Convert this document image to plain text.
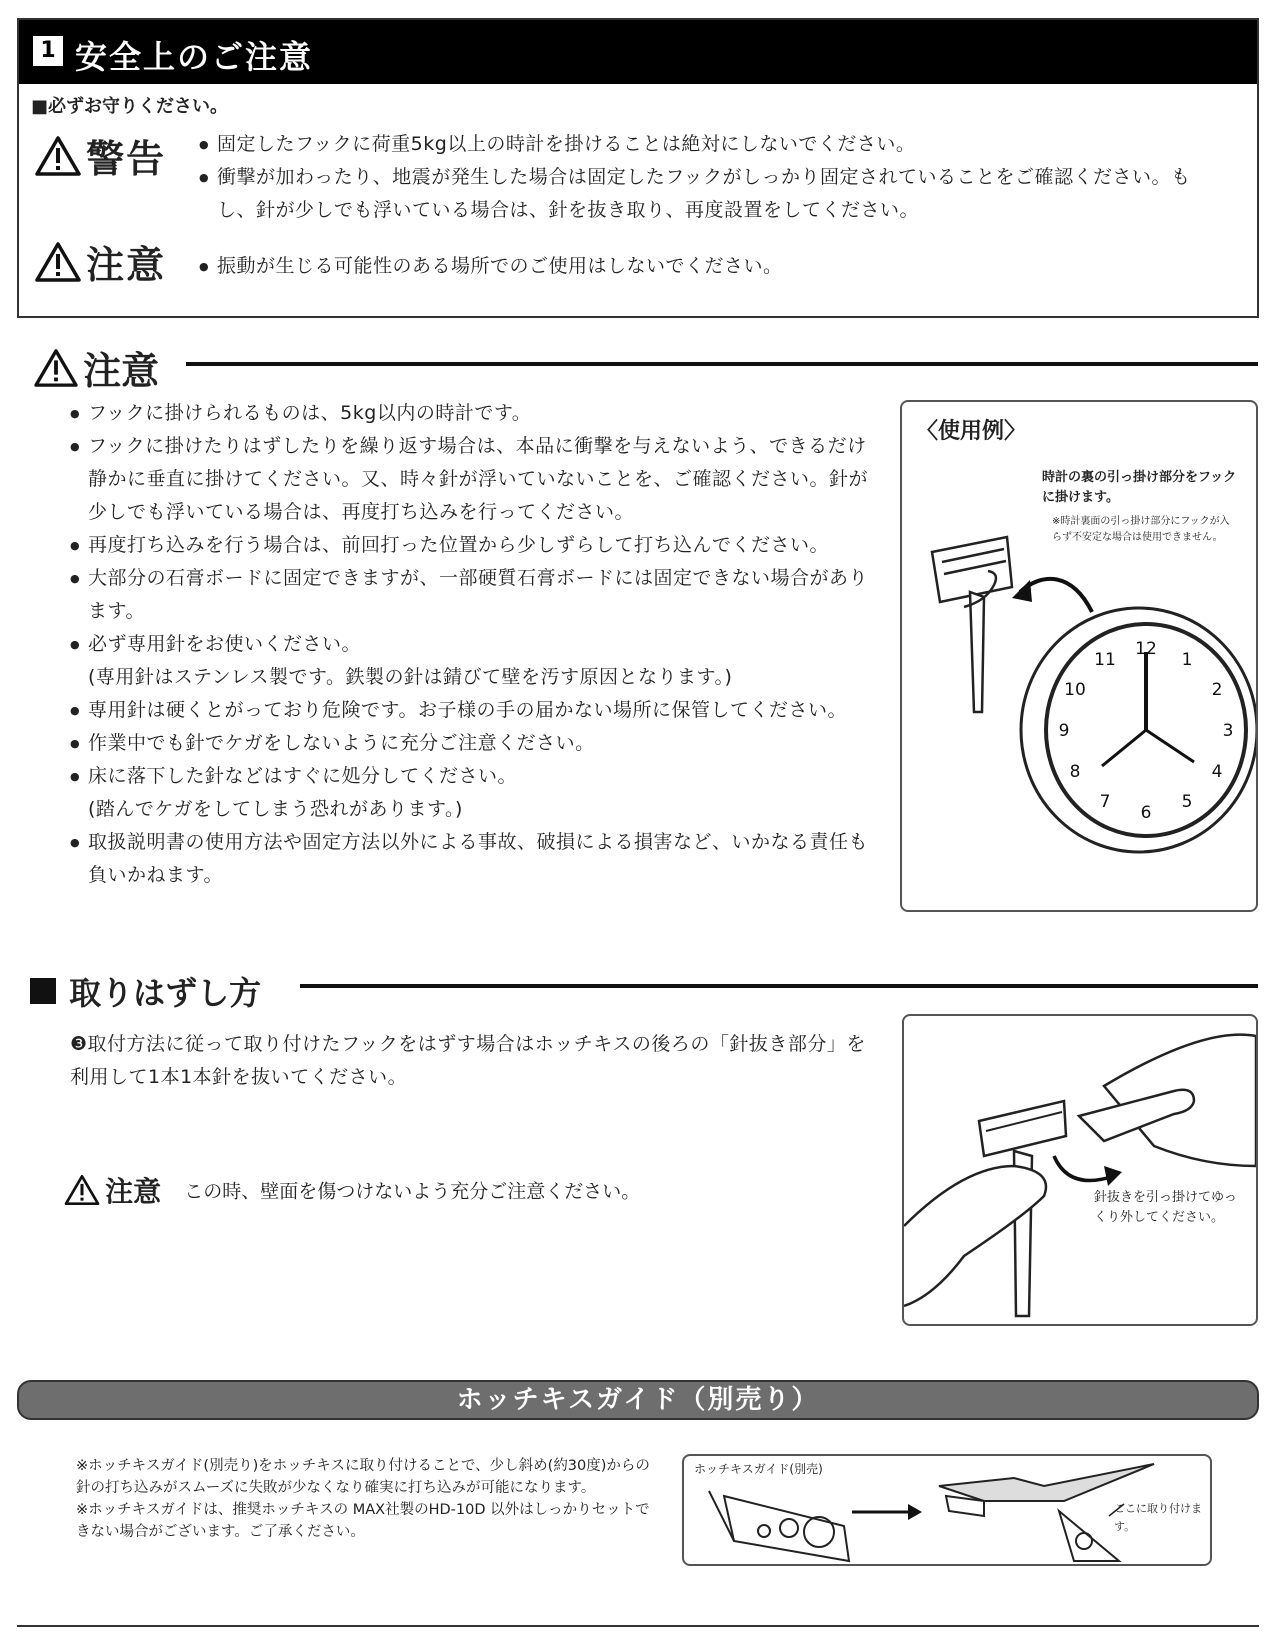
1 安全上のご注意
■必ずお守りください。
警告	● 固定したフックに荷重5kg以上の時計を掛けることは絶対にしないでください。
● 衝撃が加わったり、地震が発生した場合は固定したフックがしっかり固定されていることをご確認ください。もし、針が少しでも浮いている場合は、針を抜き取り、再度設置をしてください。
注意	● 振動が生じる可能性のある場所でのご使用はしないでください。
注意
● フックに掛けられるものは、5kg以内の時計です。
● フックに掛けたりはずしたりを繰り返す場合は、本品に衝撃を与えないよう、できるだけ静かに垂直に掛けてください。又、時々針が浮いていないことを、ご確認ください。針が少しでも浮いている場合は、再度打ち込みを行ってください。
● 再度打ち込みを行う場合は、前回打った位置から少しずらして打ち込んでください。
● 大部分の石膏ボードに固定できますが、一部硬質石膏ボードには固定できない場合があります。
● 必ず専用針をお使いください。
(専用針はステンレス製です。鉄製の針は錆びて壁を汚す原因となります。)
● 専用針は硬くとがっており危険です。お子様の手の届かない場所に保管してください。
● 作業中でも針でケガをしないように充分ご注意ください。
● 床に落下した針などはすぐに処分してください。
(踏んでケガをしてしまう恐れがあります。)
● 取扱説明書の使用方法や固定方法以外による事故、破損による損害など、いかなる責任も負いかねます。
〈使用例〉
時計の裏の引っ掛け部分をフックに掛けます。
※時計裏面の引っ掛け部分にフックが入らず不安定な場合は使用できません。
12
1
2
3
4
5
6
7
8
9
10
11
取りはずし方
❸取付方法に従って取り付けたフックをはずす場合はホッチキスの後ろの「針抜き部分」を利用して1本1本針を抜いてください。
注意 この時、壁面を傷つけないよう充分ご注意ください。	針抜きを引っ掛けてゆっくり外してください。
ホッチキスガイド（別売り）
※ホッチキスガイド(別売り)をホッチキスに取り付けることで、少し斜め(約30度)からの針の打ち込みがスムーズに失敗が少なくなり確実に打ち込みが可能になります。
※ホッチキスガイドは、推奨ホッチキスの MAX社製のHD-10D 以外はしっかりセットできない場合がございます。ご了承ください。
ホッチキスガイド(別売)
ここに取り付けます。
